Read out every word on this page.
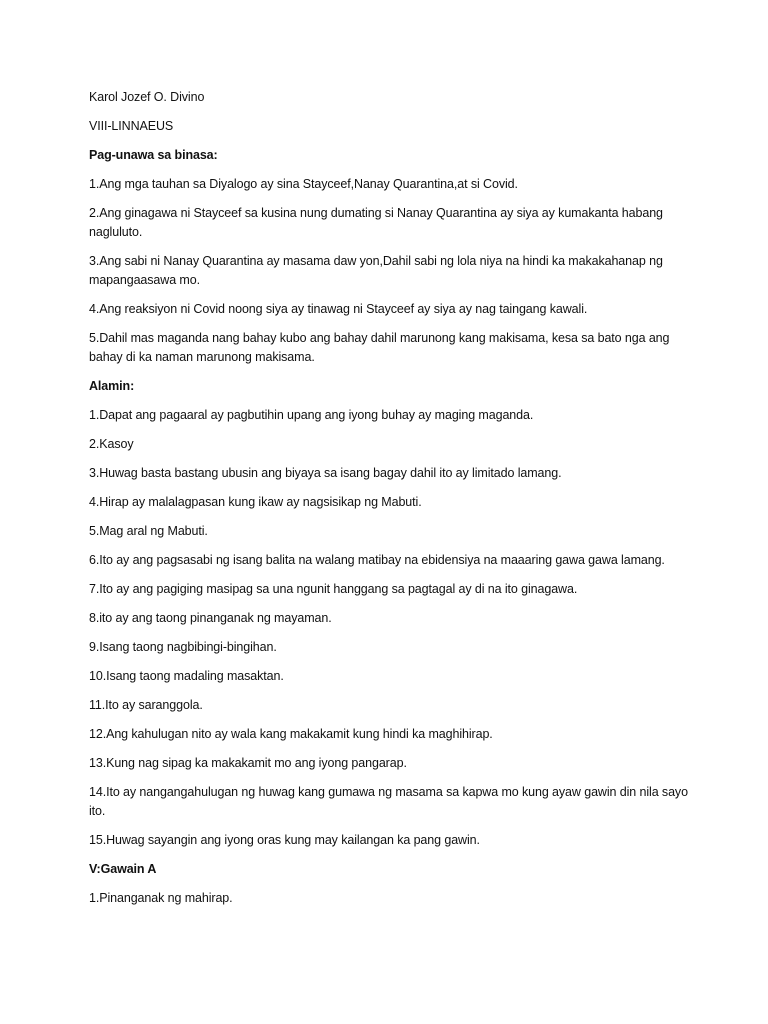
Karol Jozef O. Divino

VIII-LINNAEUS

Pag-unawa sa binasa:

1.Ang mga tauhan sa Diyalogo ay sina Stayceef,Nanay Quarantina,at si Covid.

2.Ang ginagawa ni Stayceef sa kusina nung dumating si Nanay Quarantina ay siya ay kumakanta habang nagluluto.

3.Ang sabi ni Nanay Quarantina ay masama daw yon,Dahil sabi ng lola niya na hindi ka makakahanap ng mapangaasawa mo.

4.Ang reaksiyon ni Covid noong siya ay tinawag ni Stayceef ay siya ay nag taingang kawali.

5.Dahil mas maganda nang bahay kubo ang bahay dahil marunong kang makisama, kesa sa bato nga ang bahay di ka naman marunong makisama.

Alamin:

1.Dapat ang pagaaral ay pagbutihin upang ang iyong buhay ay maging maganda.

2.Kasoy

3.Huwag basta bastang ubusin ang biyaya sa isang bagay dahil ito ay limitado lamang.

4.Hirap ay malalagpasan kung ikaw ay nagsisikap ng Mabuti.

5.Mag aral ng Mabuti.

6.Ito ay ang pagsasabi ng isang balita na walang matibay na ebidensiya na maaaring gawa gawa lamang.

7.Ito ay ang pagiging masipag sa una ngunit hanggang sa pagtagal ay di na ito ginagawa.

8.ito ay ang taong pinanganak ng mayaman.

9.Isang taong nagbibingi-bingihan.

10.Isang taong madaling masaktan.

11.Ito ay saranggola.

12.Ang kahulugan nito ay wala kang makakamit kung hindi ka maghihirap.

13.Kung nag sipag ka makakamit mo ang iyong pangarap.

14.Ito ay nangangahulugan ng huwag kang gumawa ng masama sa kapwa mo kung ayaw gawin din nila sayo ito.

15.Huwag sayangin ang iyong oras kung may kailangan ka pang gawin.

V:Gawain A

1.Pinanganak ng mahirap.
